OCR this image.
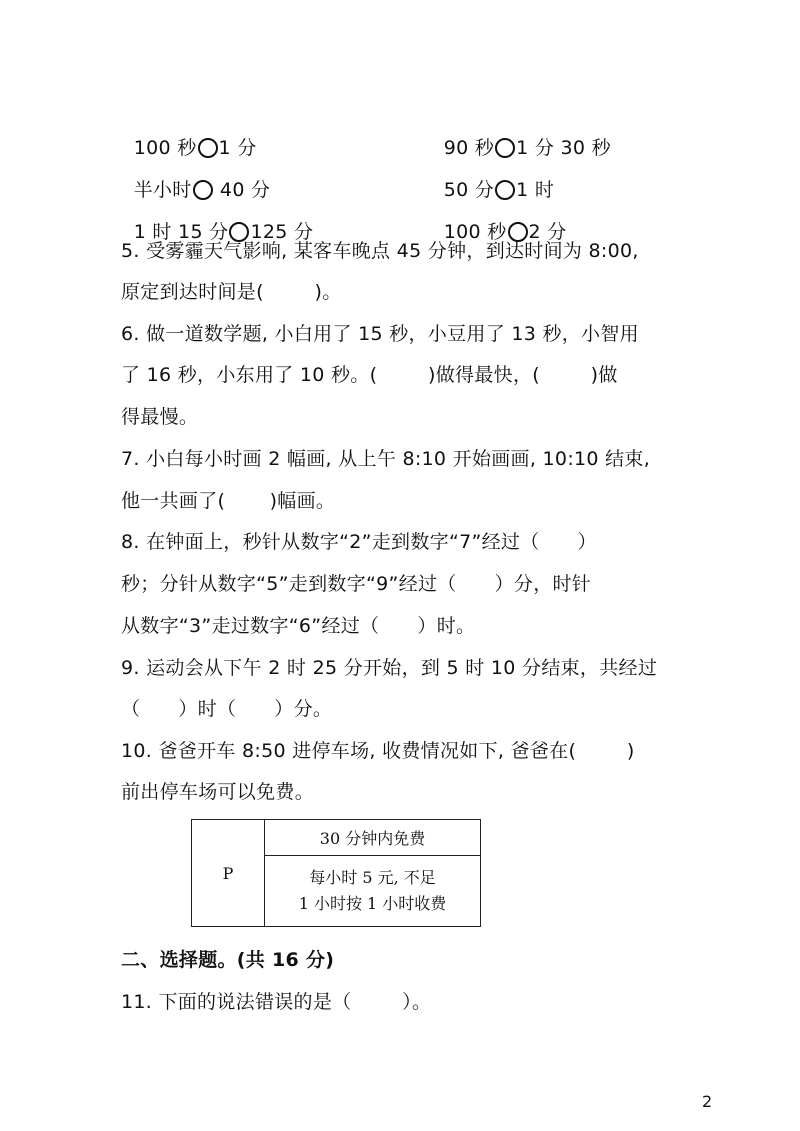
100 秒 1 分	90 秒 1 分 30 秒

半小时 40 分	50 分 1 时

1 时 15 分 125 分	100 秒 2 分

5. 受雾霾天气影响, 某客车晚点 45 分钟，到达时间为 8:00,
原定到达时间是(        )。
6. 做一道数学题, 小白用了 15 秒，小豆用了 13 秒，小智用
了 16 秒，小东用了 10 秒。(        )做得最快，(        )做
得最慢。
7. 小白每小时画 2 幅画, 从上午 8:10 开始画画, 10:10 结束,
他一共画了(       )幅画。
8. 在钟面上，秒针从数字“2”走到数字“7”经过（      ）
秒；分针从数字“5”走到数字“9”经过（      ）分，时针
从数字“3”走过数字“6”经过（      ）时。
9. 运动会从下午 2 时 25 分开始，到 5 时 10 分结束，共经过
（      ）时（      ）分。
10. 爸爸开车 8:50 进停车场, 收费情况如下, 爸爸在(        )
前出停车场可以免费。
P	30 分钟内免费

每小时 5 元, 不足
1 小时按 1 小时收费
二、选择题。(共 16 分)
11. 下面的说法错误的是（        ）。
2
